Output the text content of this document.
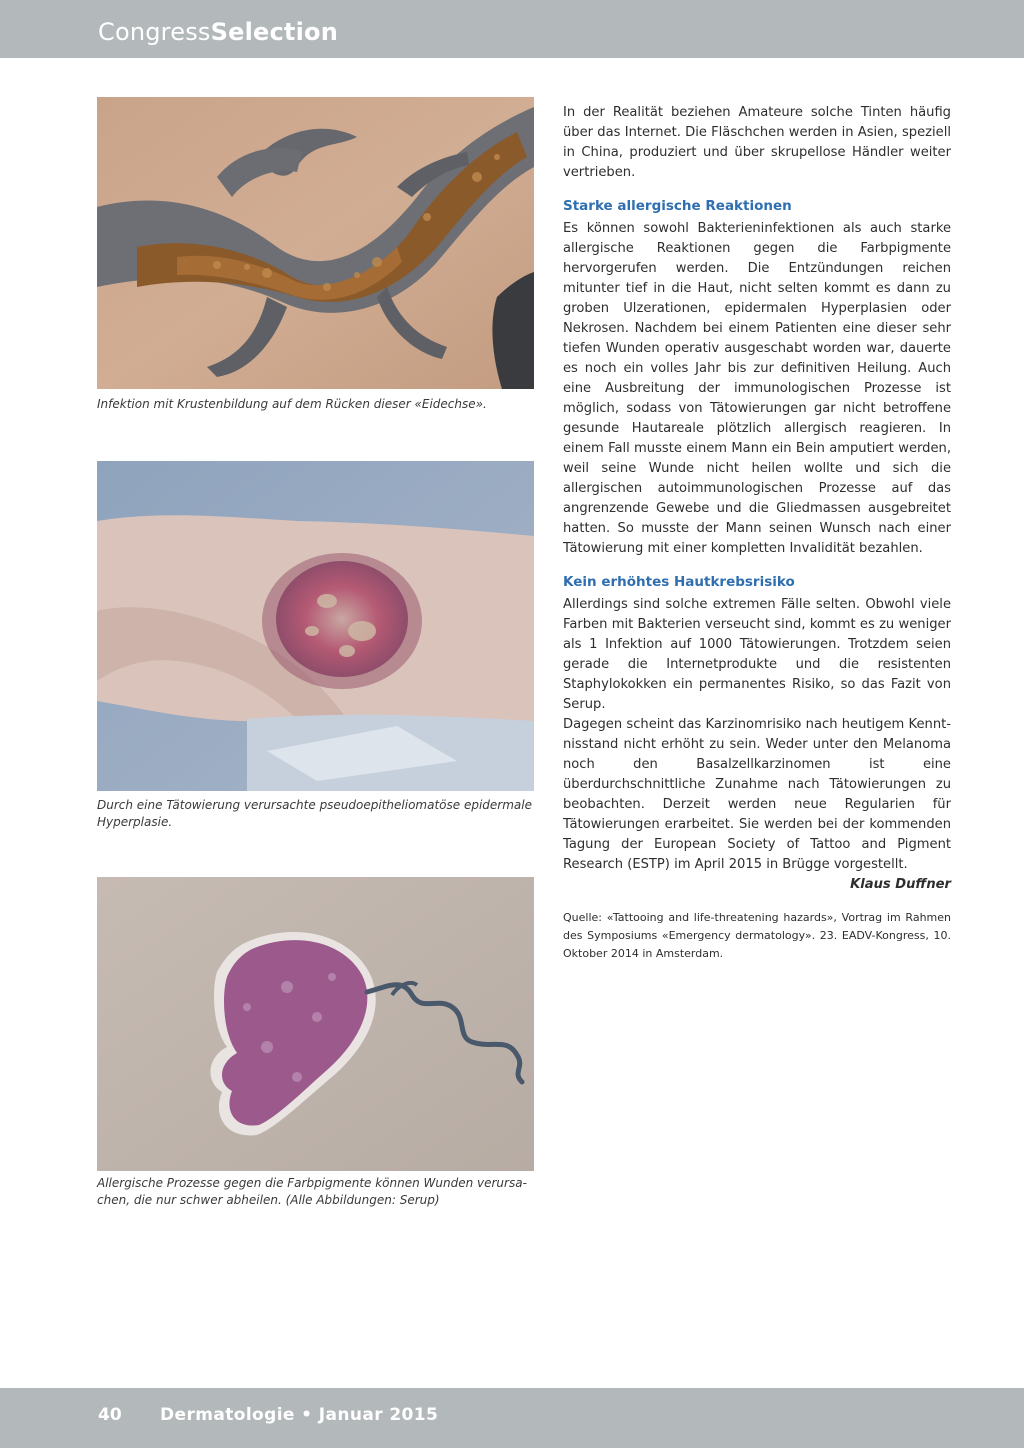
CongressSelection
Infektion mit Krustenbildung auf dem Rücken dieser «Eidechse».
Durch eine Tätowierung verursachte pseudoepitheliomatöse epidermale Hyperplasie.
Allergische Prozesse gegen die Farbpigmente können Wunden verursachen, die nur schwer abheilen. (Alle Abbildungen: Serup)

In der Realität beziehen Amateure solche Tinten häufig über das Internet. Die Fläschchen werden in Asien, speziell in China, produziert und über skrupellose Händler weiter vertrieben.

Starke allergische Reaktionen

Es können sowohl Bakterieninfektionen als auch starke allergische Reaktionen gegen die Farbpigmente hervorgerufen werden. Die Entzündungen reichen mitunter tief in die Haut, nicht selten kommt es dann zu groben Ulzerationen, epidermalen Hyperplasien oder Nekrosen. Nachdem bei einem Patienten eine dieser sehr tiefen Wunden operativ ausgeschabt worden war, dauerte es noch ein volles Jahr bis zur definitiven Heilung. Auch eine Ausbreitung der immunologischen Prozesse ist möglich, sodass von Tätowierungen gar nicht betroffene gesunde Hautareale plötzlich allergisch reagieren. In einem Fall musste einem Mann ein Bein amputiert werden, weil seine Wunde nicht heilen wollte und sich die allergischen autoimmunologischen Prozesse auf das angrenzende Gewebe und die Gliedmassen ausgebreitet hatten. So musste der Mann seinen Wunsch nach einer Tätowierung mit einer kompletten Invalidität bezahlen.

Kein erhöhtes Hautkrebsrisiko

Allerdings sind solche extremen Fälle selten. Obwohl viele Farben mit Bakterien verseucht sind, kommt es zu weniger als 1 Infektion auf 1000 Tätowierungen. Trotzdem seien gerade die Internetprodukte und die resistenten Staphylokokken ein permanentes Risiko, so das Fazit von Serup.

Dagegen scheint das Karzinomrisiko nach heutigem Kenntnisstand nicht erhöht zu sein. Weder unter den Melanoma noch den Basalzellkarzinomen ist eine überdurchschnittliche Zunahme nach Tätowierungen zu beobachten. Derzeit werden neue Regularien für Tätowierungen erarbeitet. Sie werden bei der kommenden Tagung der European Society of Tattoo and Pigment Research (ESTP) im April 2015 in Brügge vorgestellt.

Klaus Duffner

Quelle: «Tattooing and life-threatening hazards», Vortrag im Rahmen des Symposiums «Emergency dermatology». 23. EADV-Kongress, 10. Oktober 2014 in Amsterdam.

40 Dermatologie • Januar 2015
